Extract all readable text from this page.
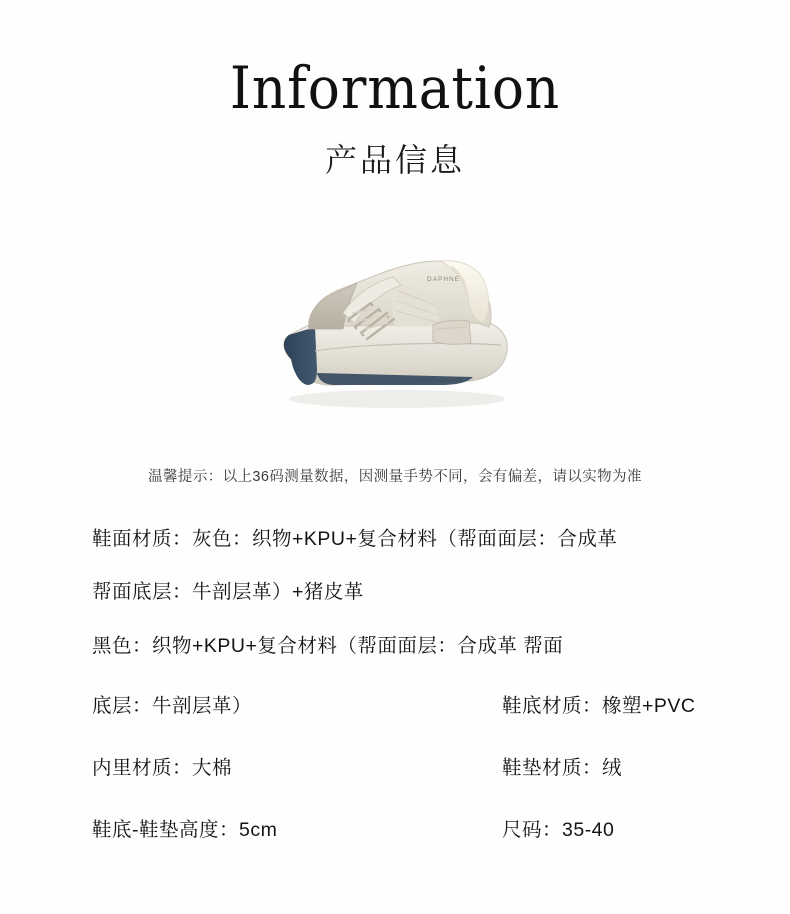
Information
产品信息
DAPHNE
温馨提示：以上36码测量数据，因测量手势不同，会有偏差，请以实物为准
鞋面材质：灰色：织物+KPU+复合材料（帮面面层：合成革
帮面底层：牛剖层革）+猪皮革
黑色：织物+KPU+复合材料（帮面面层：合成革 帮面
底层：牛剖层革）	鞋底材质：橡塑+PVC
内里材质：大棉	鞋垫材质：绒
鞋底-鞋垫高度：5cm	尺码：35-40
